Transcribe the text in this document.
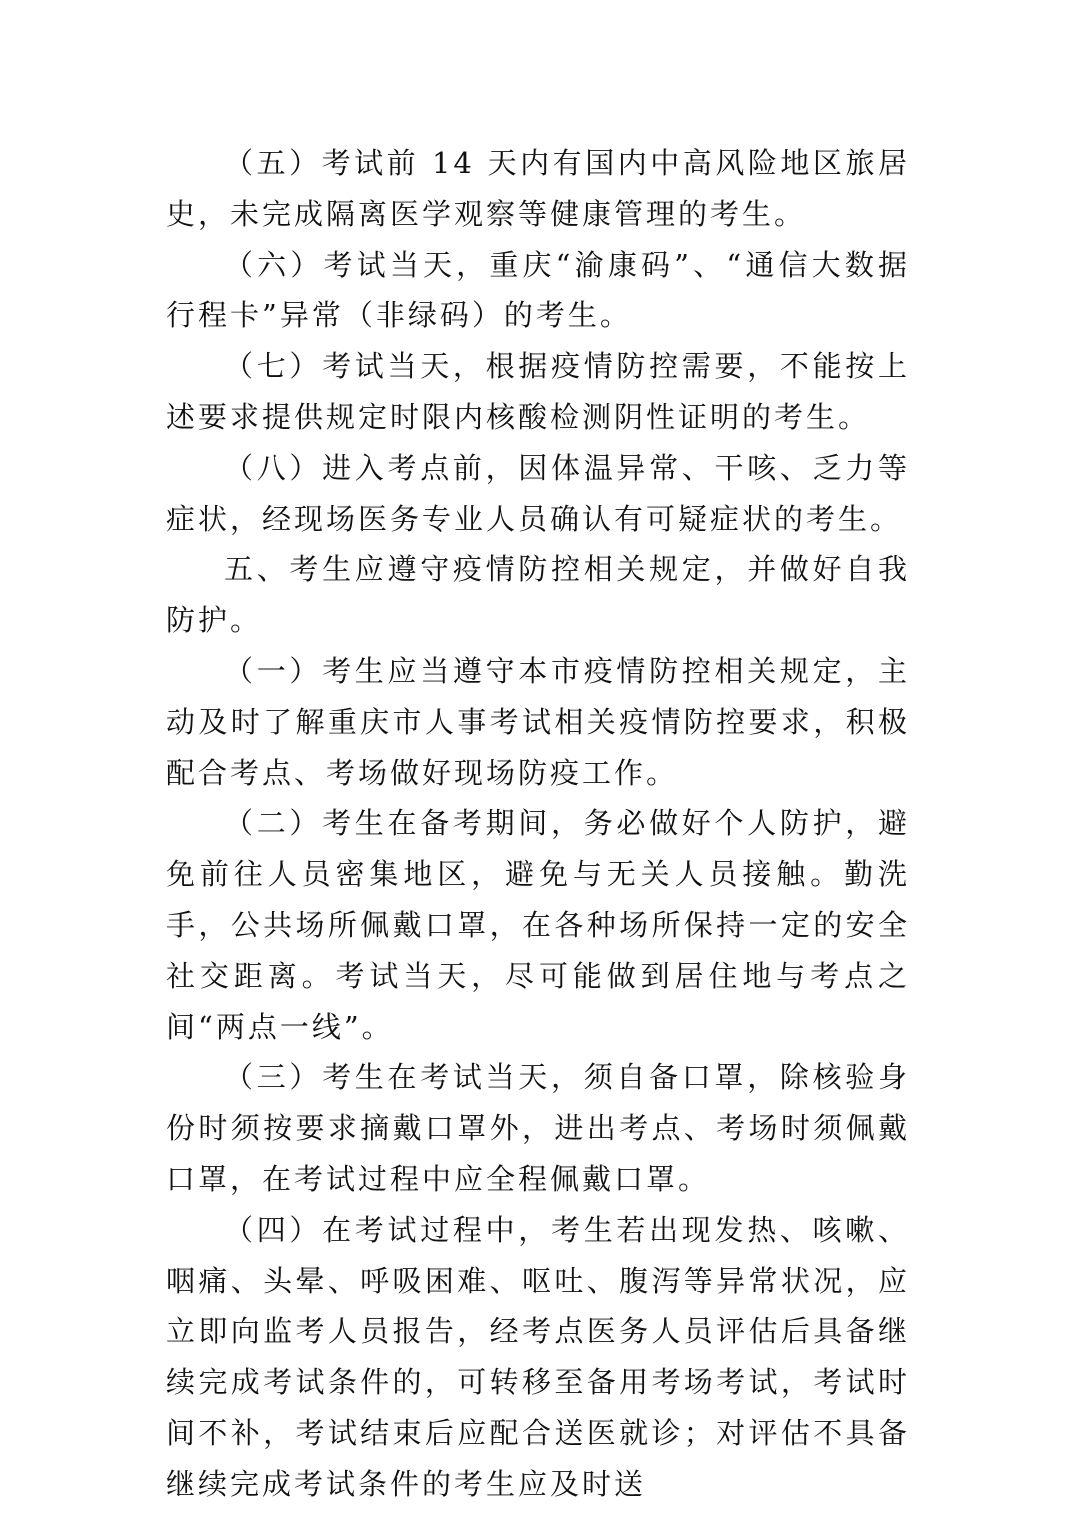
（五）考试前 14 天内有国内中高风险地区旅居史，未完成隔离医学观察等健康管理的考生。

（六）考试当天，重庆“渝康码”、“通信大数据行程卡”异常（非绿码）的考生。

（七）考试当天，根据疫情防控需要，不能按上述要求提供规定时限内核酸检测阴性证明的考生。

（八）进入考点前，因体温异常、干咳、乏力等症状，经现场医务专业人员确认有可疑症状的考生。

五、考生应遵守疫情防控相关规定，并做好自我防护。

（一）考生应当遵守本市疫情防控相关规定，主动及时了解重庆市人事考试相关疫情防控要求，积极配合考点、考场做好现场防疫工作。

（二）考生在备考期间，务必做好个人防护，避免前往人员密集地区，避免与无关人员接触。勤洗手，公共场所佩戴口罩，在各种场所保持一定的安全社交距离。考试当天，尽可能做到居住地与考点之间“两点一线”。

（三）考生在考试当天，须自备口罩，除核验身份时须按要求摘戴口罩外，进出考点、考场时须佩戴口罩，在考试过程中应全程佩戴口罩。

（四）在考试过程中，考生若出现发热、咳嗽、咽痛、头晕、呼吸困难、呕吐、腹泻等异常状况，应立即向监考人员报告，经考点医务人员评估后具备继续完成考试条件的，可转移至备用考场考试，考试时间不补，考试结束后应配合送医就诊；对评估不具备继续完成考试条件的考生应及时送
